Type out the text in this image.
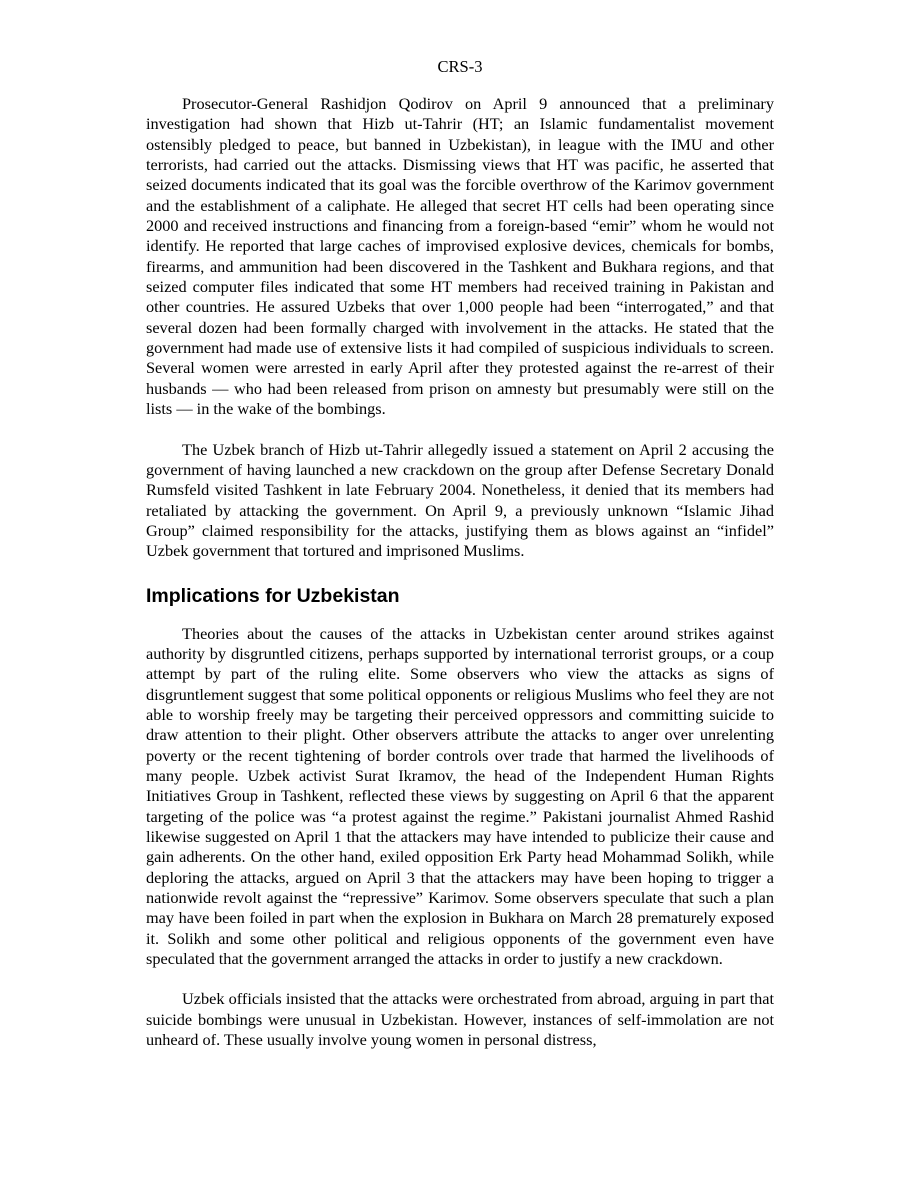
CRS-3

Prosecutor-General Rashidjon Qodirov on April 9 announced that a preliminary investigation had shown that Hizb ut-Tahrir (HT; an Islamic fundamentalist movement ostensibly pledged to peace, but banned in Uzbekistan), in league with the IMU and other terrorists, had carried out the attacks. Dismissing views that HT was pacific, he asserted that seized documents indicated that its goal was the forcible overthrow of the Karimov government and the establishment of a caliphate. He alleged that secret HT cells had been operating since 2000 and received instructions and financing from a foreign-based “emir” whom he would not identify. He reported that large caches of improvised explosive devices, chemicals for bombs, firearms, and ammunition had been discovered in the Tashkent and Bukhara regions, and that seized computer files indicated that some HT members had received training in Pakistan and other countries. He assured Uzbeks that over 1,000 people had been “interrogated,” and that several dozen had been formally charged with involvement in the attacks. He stated that the government had made use of extensive lists it had compiled of suspicious individuals to screen. Several women were arrested in early April after they protested against the re-arrest of their husbands — who had been released from prison on amnesty but presumably were still on the lists — in the wake of the bombings.

The Uzbek branch of Hizb ut-Tahrir allegedly issued a statement on April 2 accusing the government of having launched a new crackdown on the group after Defense Secretary Donald Rumsfeld visited Tashkent in late February 2004. Nonetheless, it denied that its members had retaliated by attacking the government. On April 9, a previously unknown “Islamic Jihad Group” claimed responsibility for the attacks, justifying them as blows against an “infidel” Uzbek government that tortured and imprisoned Muslims.

Implications for Uzbekistan

Theories about the causes of the attacks in Uzbekistan center around strikes against authority by disgruntled citizens, perhaps supported by international terrorist groups, or a coup attempt by part of the ruling elite. Some observers who view the attacks as signs of disgruntlement suggest that some political opponents or religious Muslims who feel they are not able to worship freely may be targeting their perceived oppressors and committing suicide to draw attention to their plight. Other observers attribute the attacks to anger over unrelenting poverty or the recent tightening of border controls over trade that harmed the livelihoods of many people. Uzbek activist Surat Ikramov, the head of the Independent Human Rights Initiatives Group in Tashkent, reflected these views by suggesting on April 6 that the apparent targeting of the police was “a protest against the regime.” Pakistani journalist Ahmed Rashid likewise suggested on April 1 that the attackers may have intended to publicize their cause and gain adherents. On the other hand, exiled opposition Erk Party head Mohammad Solikh, while deploring the attacks, argued on April 3 that the attackers may have been hoping to trigger a nationwide revolt against the “repressive” Karimov. Some observers speculate that such a plan may have been foiled in part when the explosion in Bukhara on March 28 prematurely exposed it. Solikh and some other political and religious opponents of the government even have speculated that the government arranged the attacks in order to justify a new crackdown.

Uzbek officials insisted that the attacks were orchestrated from abroad, arguing in part that suicide bombings were unusual in Uzbekistan. However, instances of self-immolation are not unheard of. These usually involve young women in personal distress,
